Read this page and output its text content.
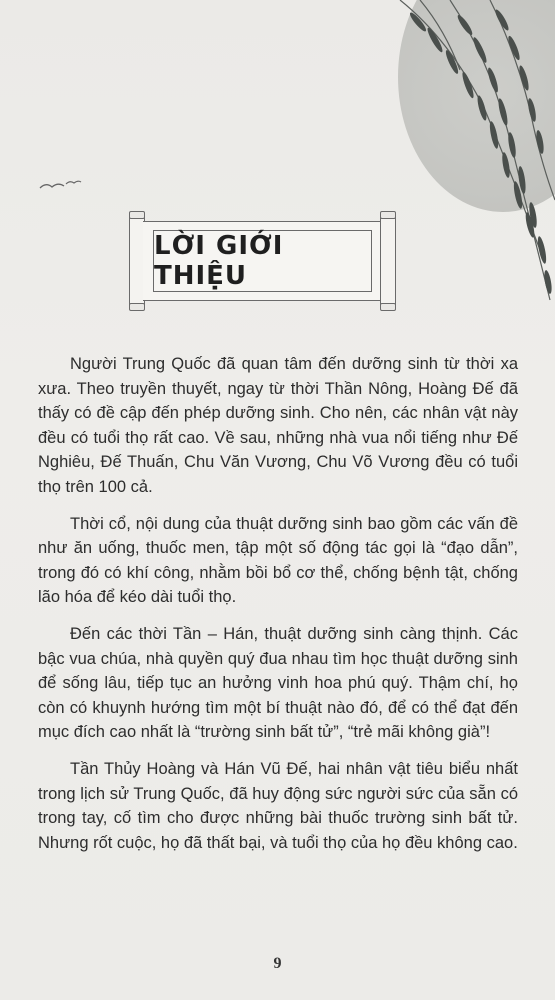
LỜI GIỚI THIỆU

Người Trung Quốc đã quan tâm đến dưỡng sinh từ thời xa xưa. Theo truyền thuyết, ngay từ thời Thần Nông, Hoàng Đế đã thấy có đề cập đến phép dưỡng sinh. Cho nên, các nhân vật này đều có tuổi thọ rất cao. Về sau, những nhà vua nổi tiếng như Đế Nghiêu, Đế Thuấn, Chu Văn Vương, Chu Võ Vương đều có tuổi thọ trên 100 cả.

Thời cổ, nội dung của thuật dưỡng sinh bao gồm các vấn đề như ăn uống, thuốc men, tập một số động tác gọi là “đạo dẫn”, trong đó có khí công, nhằm bồi bổ cơ thể, chống bệnh tật, chống lão hóa để kéo dài tuổi thọ.

Đến các thời Tần – Hán, thuật dưỡng sinh càng thịnh. Các bậc vua chúa, nhà quyền quý đua nhau tìm học thuật dưỡng sinh để sống lâu, tiếp tục an hưởng vinh hoa phú quý. Thậm chí, họ còn có khuynh hướng tìm một bí thuật nào đó, để có thể đạt đến mục đích cao nhất là “trường sinh bất tử”, “trẻ mãi không già”!

Tần Thủy Hoàng và Hán Vũ Đế, hai nhân vật tiêu biểu nhất trong lịch sử Trung Quốc, đã huy động sức người sức của sẵn có trong tay, cố tìm cho được những bài thuốc trường sinh bất tử. Nhưng rốt cuộc, họ đã thất bại, và tuổi thọ của họ đều không cao.

9
